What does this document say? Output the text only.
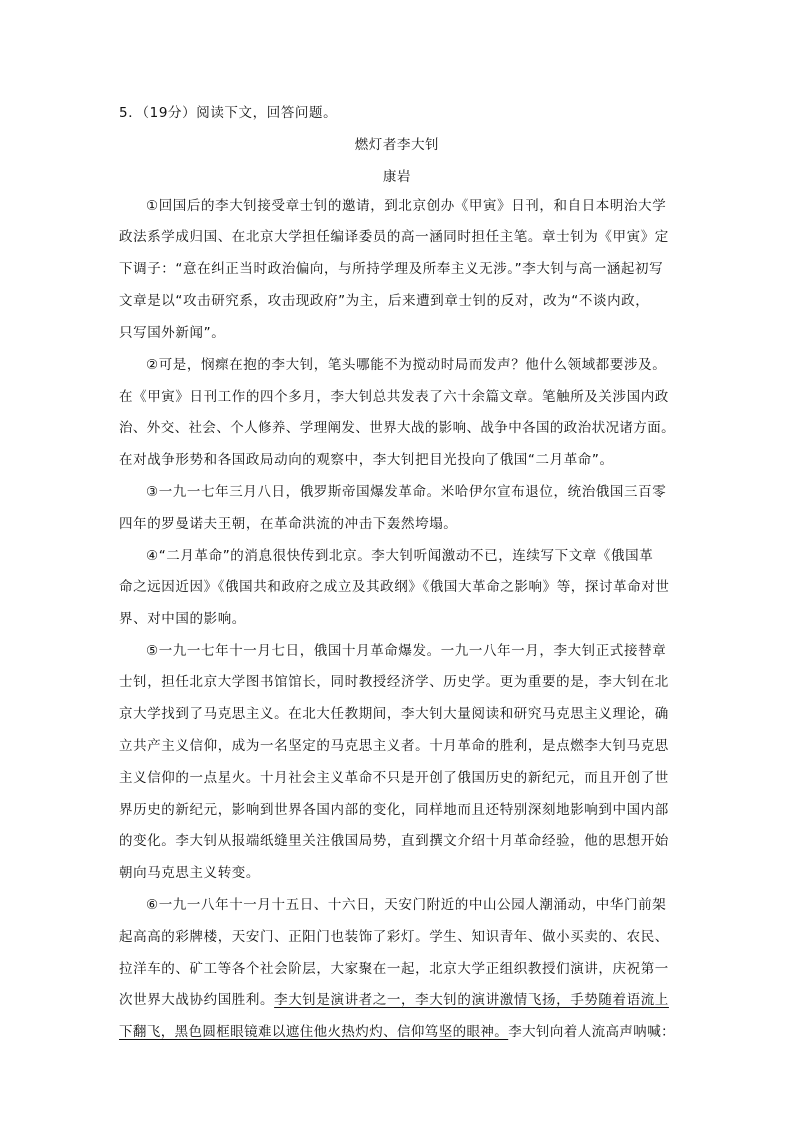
5．（19分）阅读下文，回答问题。
燃灯者李大钊
康岩
①回国后的李大钊接受章士钊的邀请，到北京创办《甲寅》日刊，和自日本明治大学
政法系学成归国、在北京大学担任编译委员的高一涵同时担任主笔。章士钊为《甲寅》定
下调子：“意在纠正当时政治偏向，与所持学理及所奉主义无涉。”李大钊与高一涵起初写
文章是以“攻击研究系，攻击现政府”为主，后来遭到章士钊的反对，改为“不谈内政，
只写国外新闻”。
②可是，悯瘝在抱的李大钊，笔头哪能不为搅动时局而发声？他什么领域都要涉及。
在《甲寅》日刊工作的四个多月，李大钊总共发表了六十余篇文章。笔触所及关涉国内政
治、外交、社会、个人修养、学理阐发、世界大战的影响、战争中各国的政治状况诸方面。
在对战争形势和各国政局动向的观察中，李大钊把目光投向了俄国“二月革命”。
③一九一七年三月八日，俄罗斯帝国爆发革命。米哈伊尔宣布退位，统治俄国三百零
四年的罗曼诺夫王朝，在革命洪流的冲击下轰然垮塌。
④“二月革命”的消息很快传到北京。李大钊听闻激动不已，连续写下文章《俄国革
命之远因近因》《俄国共和政府之成立及其政纲》《俄国大革命之影响》等，探讨革命对世
界、对中国的影响。
⑤一九一七年十一月七日，俄国十月革命爆发。一九一八年一月，李大钊正式接替章
士钊，担任北京大学图书馆馆长，同时教授经济学、历史学。更为重要的是，李大钊在北
京大学找到了马克思主义。在北大任教期间，李大钊大量阅读和研究马克思主义理论，确
立共产主义信仰，成为一名坚定的马克思主义者。十月革命的胜利，是点燃李大钊马克思
主义信仰的一点星火。十月社会主义革命不只是开创了俄国历史的新纪元，而且开创了世
界历史的新纪元，影响到世界各国内部的变化，同样地而且还特别深刻地影响到中国内部
的变化。李大钊从报端纸缝里关注俄国局势，直到撰文介绍十月革命经验，他的思想开始
朝向马克思主义转变。
⑥一九一八年十一月十五日、十六日，天安门附近的中山公园人潮涌动，中华门前架
起高高的彩牌楼，天安门、正阳门也装饰了彩灯。学生、知识青年、做小买卖的、农民、
拉洋车的、矿工等各个社会阶层，大家聚在一起，北京大学正组织教授们演讲，庆祝第一
次世界大战协约国胜利。李大钊是演讲者之一，李大钊的演讲激情飞扬，手势随着语流上
下翻飞，黑色圆框眼镜难以遮住他火热灼灼、信仰笃坚的眼神。李大钊向着人流高声呐喊：
